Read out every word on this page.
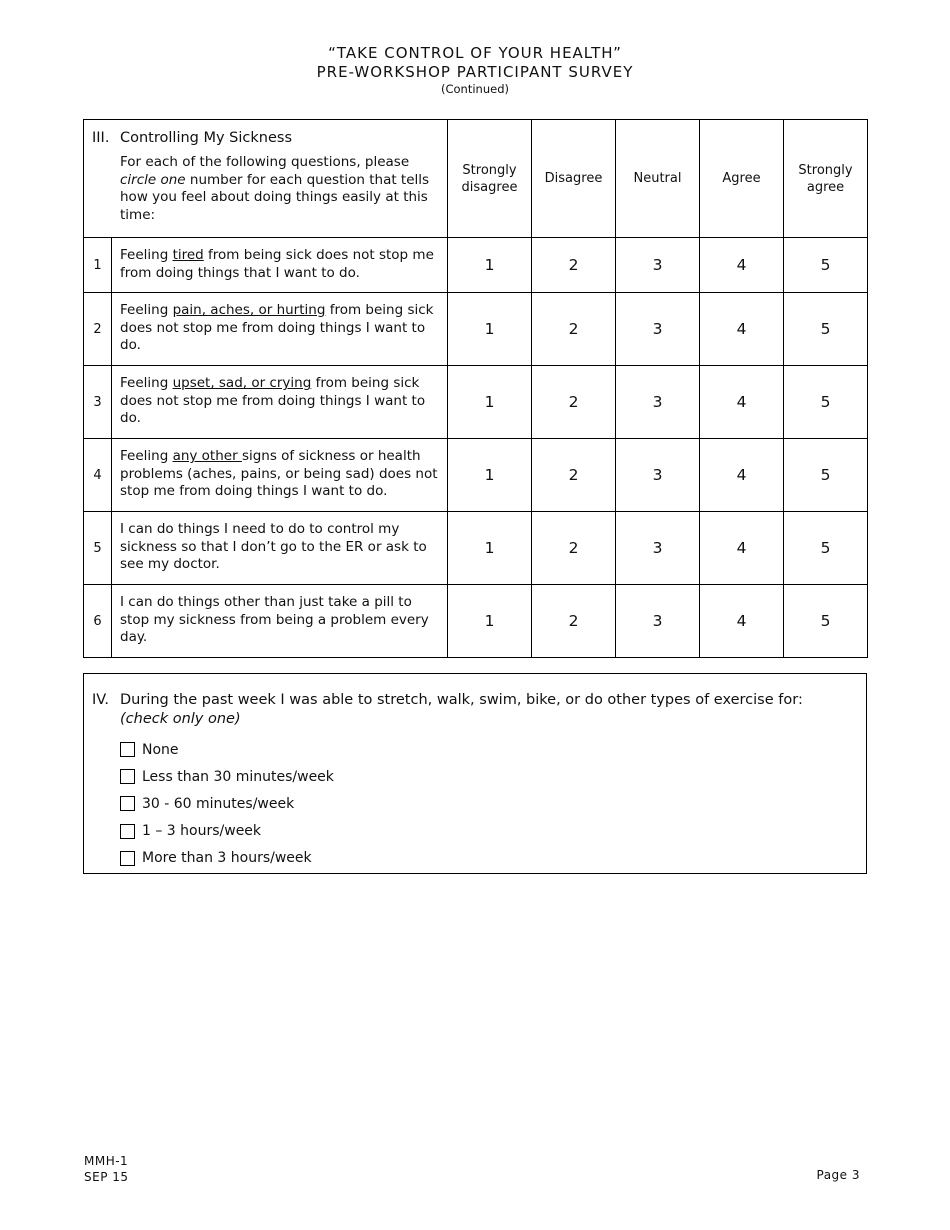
“TAKE CONTROL OF YOUR HEALTH”
PRE-WORKSHOP PARTICIPANT SURVEY
(Continued)
III. Controlling My Sickness
For each of the following questions, please circle one number for each question that tells how you feel about doing things easily at this time:		Strongly disagree	Disagree	Neutral	Agree	Strongly agree
1	Feeling tired from being sick does not stop me from doing things that I want to do.	1	2	3	4	5
2	Feeling pain, aches, or hurting from being sick does not stop me from doing things I want to do.	1	2	3	4	5
3	Feeling upset, sad, or crying from being sick does not stop me from doing things I want to do.	1	2	3	4	5
4	Feeling any other signs of sickness or health problems (aches, pains, or being sad) does not stop me from doing things I want to do.	1	2	3	4	5
5	I can do things I need to do to control my sickness so that I don’t go to the ER or ask to see my doctor.	1	2	3	4	5
6	I can do things other than just take a pill to stop my sickness from being a problem every day.	1	2	3	4	5
IV. During the past week I was able to stretch, walk, swim, bike, or do other types of exercise for:
(check only one)
None
Less than 30 minutes/week
30 - 60 minutes/week
1 – 3 hours/week
More than 3 hours/week
MMH-1
SEP 15	Page 3
